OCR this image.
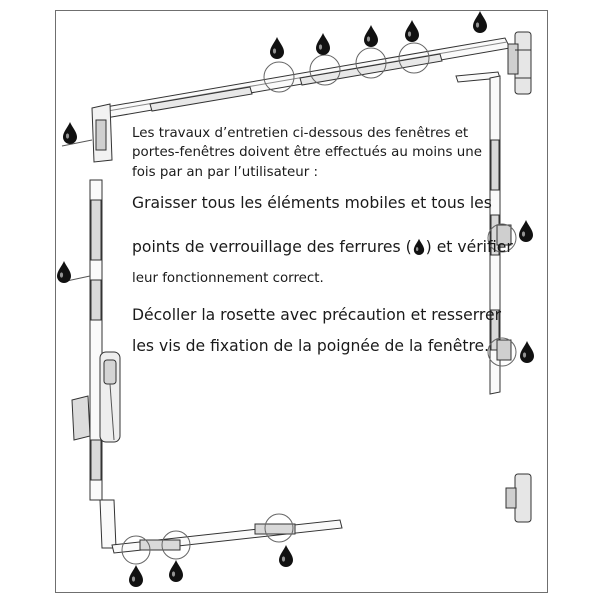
Les travaux d’entretien ci-dessous des fenêtres et
portes-fenêtres doivent être effectués au moins une
fois par an par l’utilisateur :

Graisser tous les éléments mobiles et tous les

points de verrouillage des ferrures ( ) et vérifier

leur fonctionnement correct.

Décoller la rosette avec précaution et resserrer
les vis de fixation de la poignée de la fenêtre.
